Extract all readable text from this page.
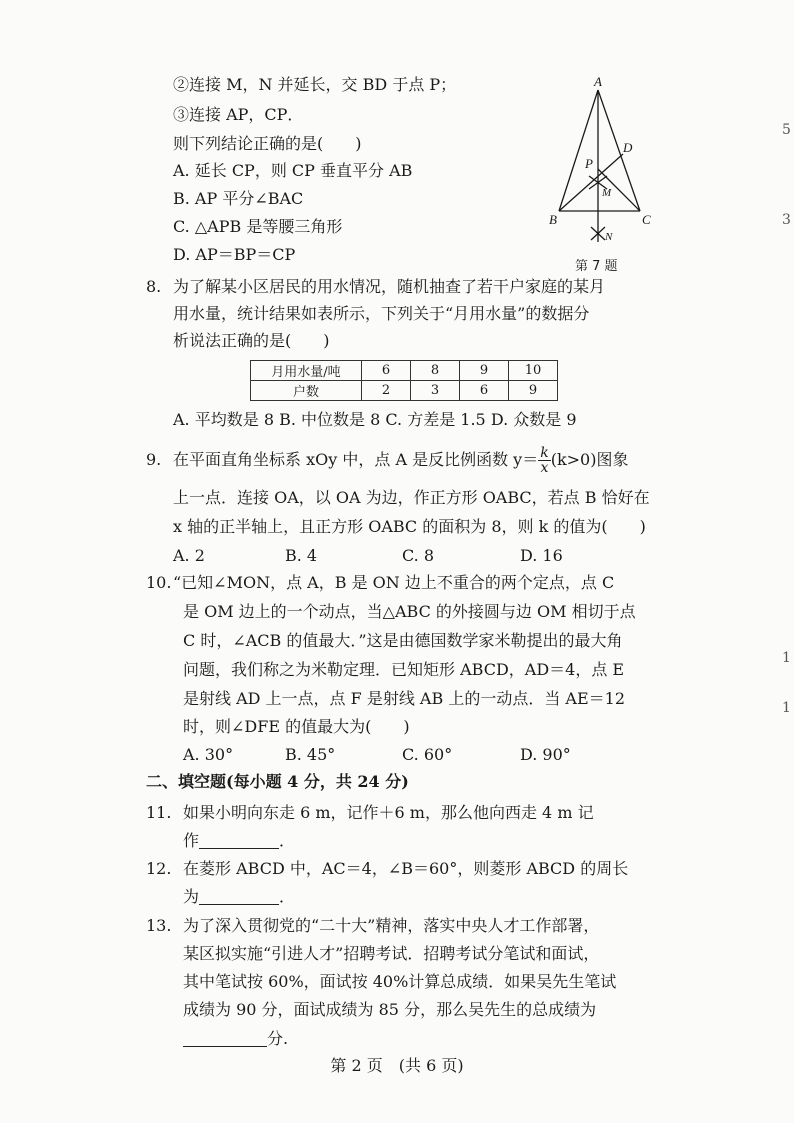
②连接 M，N 并延长，交 BD 于点 P；
③连接 AP，CP．
则下列结论正确的是(　　)
A. 延长 CP，则 CP 垂直平分 AB
B. AP 平分∠BAC
C. △APB 是等腰三角形
D. AP＝BP＝CP
A
B	C
D
P
M
N
第 7 题
8. 为了解某小区居民的用水情况，随机抽查了若干户家庭的某月
用水量，统计结果如表所示，下列关于“月用水量”的数据分
析说法正确的是(　　)
月用水量/吨	6	8	9	10
户数	2	3	6	9
A. 平均数是 8 B. 中位数是 8 C. 方差是 1.5 D. 众数是 9
9. 在平面直角坐标系 xOy 中，点 A 是反比例函数 $y= \frac{k}{x} (k>0)$图象
上一点．连接 OA，以 OA 为边，作正方形 OABC，若点 B 恰好在
x 轴的正半轴上，且正方形 OABC 的面积为 8，则 k 的值为(　　)
A. 2	B. 4	C. 8	D. 16
10. “已知∠MON，点 A，B 是 ON 边上不重合的两个定点，点 C
是 OM 边上的一个动点，当△ABC 的外接圆与边 OM 相切于点
C 时，∠ACB 的值最大．”这是由德国数学家米勒提出的最大角
问题，我们称之为米勒定理．已知矩形 ABCD，AD＝4，点 E
是射线 AD 上一点，点 F 是射线 AB 上的一动点．当 AE＝12
时，则∠DFE 的值最大为(　　)
A. 30°	B. 45°	C. 60°	D. 90°
二、填空题(每小题 4 分，共 24 分)
11. 如果小明向东走 6 m，记作＋6 m，那么他向西走 4 m 记
作	．
12. 在菱形 ABCD 中，AC＝4，∠B＝60°，则菱形 ABCD 的周长
为	．
13. 为了深入贯彻党的“二十大”精神，落实中央人才工作部署，
某区拟实施“引进人才”招聘考试．招聘考试分笔试和面试，
其中笔试按 60%，面试按 40%计算总成绩．如果吴先生笔试
成绩为 90 分，面试成绩为 85 分，那么吴先生的总成绩为
分.
第 2 页　(共 6 页)
5
3
1
1
